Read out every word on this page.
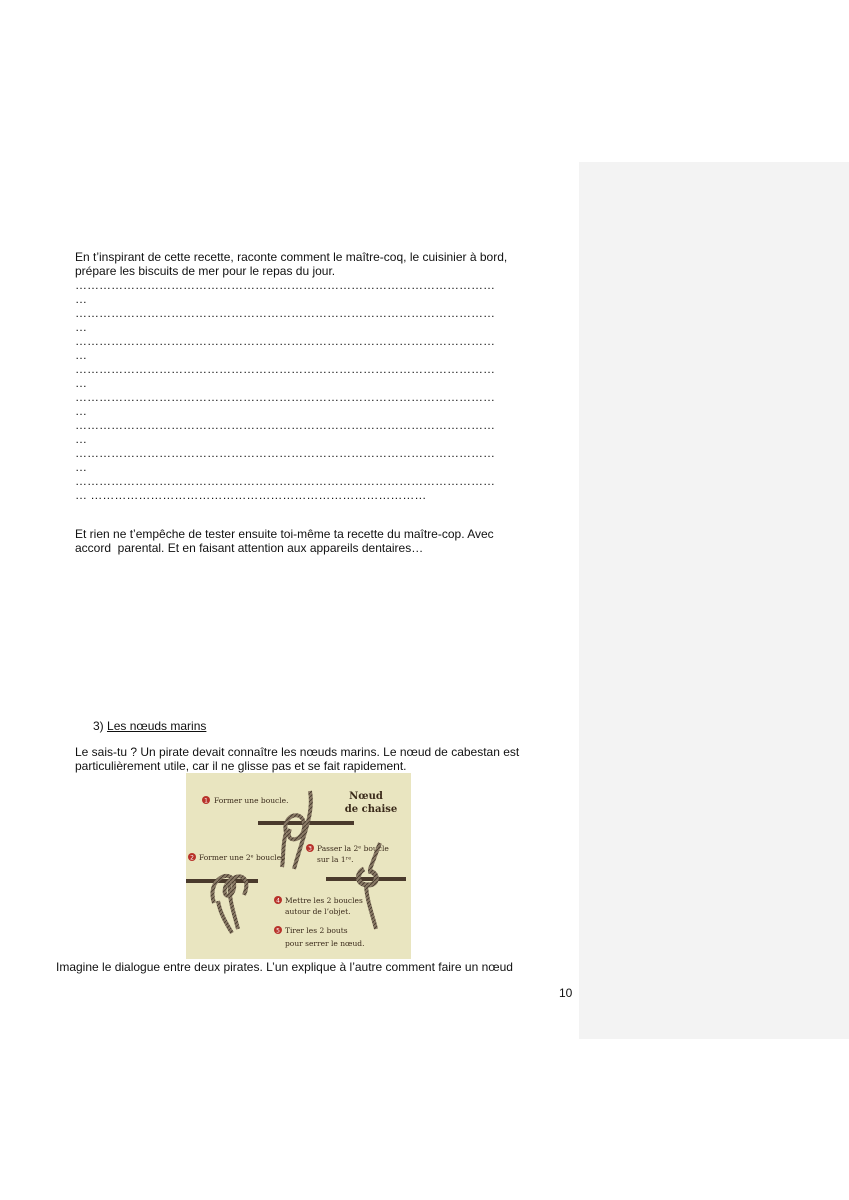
En t’inspirant de cette recette, raconte comment le maître-coq, le cuisinier à bord,
prépare les biscuits de mer pour le repas du jour.
……………………………………………………………………………………………
…
……………………………………………………………………………………………
…
……………………………………………………………………………………………
…
……………………………………………………………………………………………
…
……………………………………………………………………………………………
…
……………………………………………………………………………………………
…
……………………………………………………………………………………………
…
……………………………………………………………………………………………
… …………………………………………………………………………
Et rien ne t’empêche de tester ensuite toi-même ta recette du maître-cop. Avec
accord  parental. Et en faisant attention aux appareils dentaires…
3) Les nœuds marins
Le sais-tu ? Un pirate devait connaître les nœuds marins. Le nœud de cabestan est
particulièrement utile, car il ne glisse pas et se fait rapidement.
Nœud
de chaise
1 Former une boucle.
3 Passer la 2ᵉ boucle
sur la 1ʳᵉ.
2 Former une 2ᵉ boucle.
4 Mettre les 2 boucles
autour de l’objet.
5 Tirer les 2 bouts
pour serrer le nœud.
Imagine le dialogue entre deux pirates. L’un explique à l’autre comment faire un nœud
10
